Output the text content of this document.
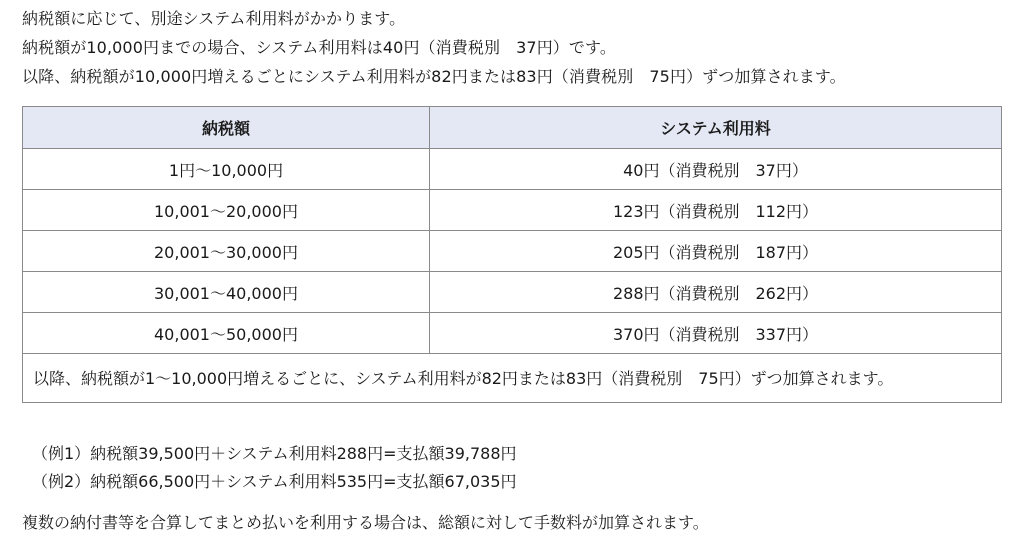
納税額に応じて、別途システム利用料がかかります。

納税額が10,000円までの場合、システム利用料は40円（消費税別　37円）です。

以降、納税額が10,000円増えるごとにシステム利用料が82円または83円（消費税別　75円）ずつ加算されます。

納税額	システム利用料
1円〜10,000円	40円（消費税別　37円）
10,001〜20,000円	123円（消費税別　112円）
20,001〜30,000円	205円（消費税別　187円）
30,001〜40,000円	288円（消費税別　262円）
40,001〜50,000円	370円（消費税別　337円）
以降、納税額が1〜10,000円増えるごとに、システム利用料が82円または83円（消費税別　75円）ずつ加算されます。	

（例1）納税額39,500円＋システム利用料288円=支払額39,788円

（例2）納税額66,500円＋システム利用料535円=支払額67,035円

複数の納付書等を合算してまとめ払いを利用する場合は、総額に対して手数料が加算されます。
